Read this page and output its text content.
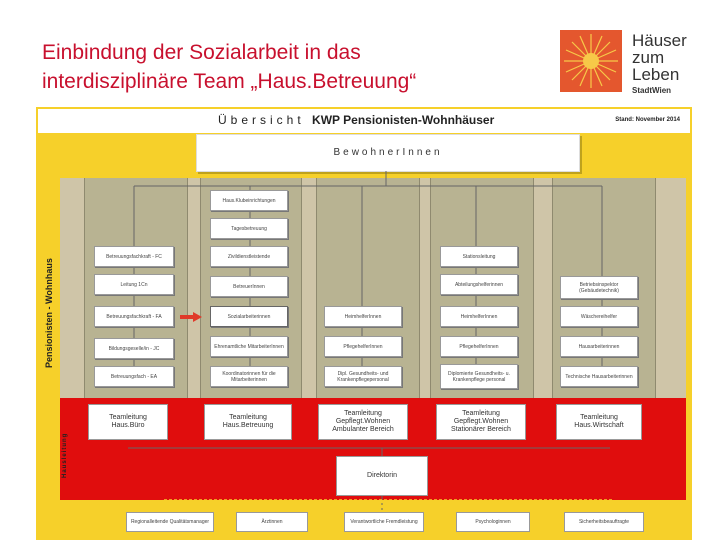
Einbindung der Sozialarbeit in das
interdisziplinäre Team „Haus.Betreuung“
Häuser
zum
Leben
StadtWien
Übersicht KWP Pensionisten-Wohnhäuser	Stand: November 2014
BewohnerInnen
Pensionisten - Wohnhaus
Hausleitung
Betreuungsfachkraft - FC
Leitung 1Cn
Betreuungsfachkraft - FA
Bildungsgeselle/in - JC
Betreuungsfach - EA
Haus.Klubeinrichtungen
Tagesbetreuung
Zivildienstleistende
BetreuerInnen
Sozialarbeiterinnen
Ehrenamtliche MitarbeiterInnen
Koordinatorinnen für die Mitarbeiterinnen
HeimhelferInnen
PflegehelferInnen
Dipl. Gesundheits- und Krankenpflegepersonal
Stationsleitung
Abteilungshelferinnen
HeimhelferInnen
PflegehelferInnen
Diplomierte Gesundheits- u. Krankenpflege personal
Betriebsinspektor (Gebäudetechnik)
Wäschereihelfer
Hausarbeiterinnen
Technische Hausarbeiterinnen
Teamleitung
Haus.Büro
Teamleitung
Haus.Betreuung
Teamleitung
Gepflegt.Wohnen
Ambulanter Bereich
Teamleitung
Gepflegt.Wohnen
Stationärer Bereich
Teamleitung
Haus.Wirtschaft
Direktorin
Regionalleitende Qualitätsmanager	Ärztinnen	Verantwortliche Fremdleistung	Psychologinnen	Sicherheitsbeauftragte
